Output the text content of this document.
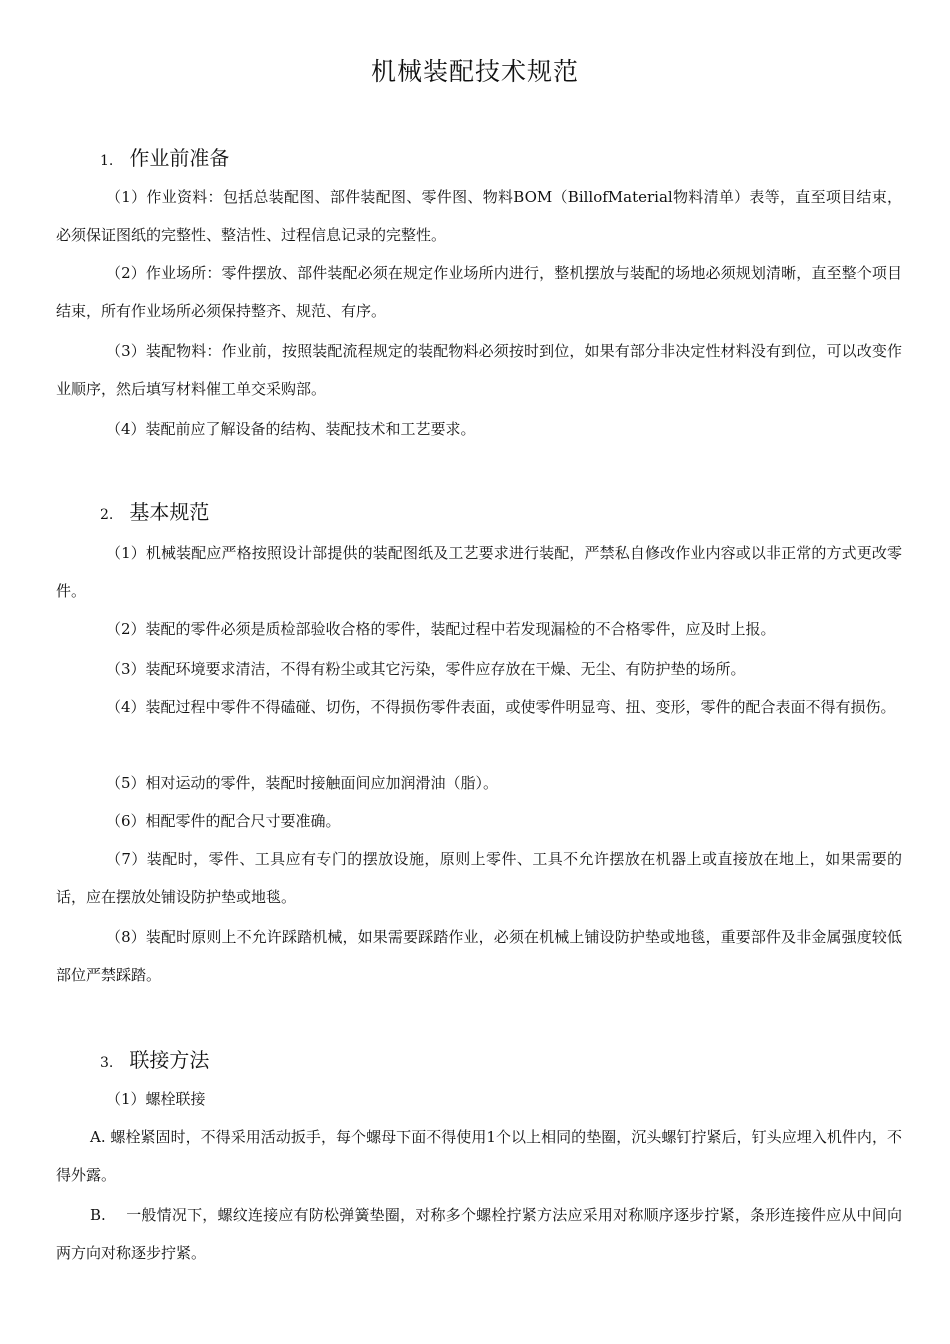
机械装配技术规范
1. 作业前准备

（1）作业资料：包括总装配图、部件装配图、零件图、物料BOM（BillofMaterial物料清单）表等，直至项目结束，必须保证图纸的完整性、整洁性、过程信息记录的完整性。

（2）作业场所：零件摆放、部件装配必须在规定作业场所内进行，整机摆放与装配的场地必须规划清晰，直至整个项目结束，所有作业场所必须保持整齐、规范、有序。

（3）装配物料：作业前，按照装配流程规定的装配物料必须按时到位，如果有部分非决定性材料没有到位，可以改变作业顺序，然后填写材料催工单交采购部。

（4）装配前应了解设备的结构、装配技术和工艺要求。

2. 基本规范

（1）机械装配应严格按照设计部提供的装配图纸及工艺要求进行装配，严禁私自修改作业内容或以非正常的方式更改零件。

（2）装配的零件必须是质检部验收合格的零件，装配过程中若发现漏检的不合格零件，应及时上报。

（3）装配环境要求清洁，不得有粉尘或其它污染，零件应存放在干燥、无尘、有防护垫的场所。

（4）装配过程中零件不得磕碰、切伤，不得损伤零件表面，或使零件明显弯、扭、变形，零件的配合表面不得有损伤。

（5）相对运动的零件，装配时接触面间应加润滑油（脂）。

（6）相配零件的配合尺寸要准确。

（7）装配时，零件、工具应有专门的摆放设施，原则上零件、工具不允许摆放在机器上或直接放在地上，如果需要的话，应在摆放处铺设防护垫或地毯。

（8）装配时原则上不允许踩踏机械，如果需要踩踏作业，必须在机械上铺设防护垫或地毯，重要部件及非金属强度较低部位严禁踩踏。

3. 联接方法

（1）螺栓联接

A. 螺栓紧固时，不得采用活动扳手，每个螺母下面不得使用1个以上相同的垫圈，沉头螺钉拧紧后，钉头应埋入机件内，不得外露。

B.　 一般情况下，螺纹连接应有防松弹簧垫圈，对称多个螺栓拧紧方法应采用对称顺序逐步拧紧，条形连接件应从中间向两方向对称逐步拧紧。
